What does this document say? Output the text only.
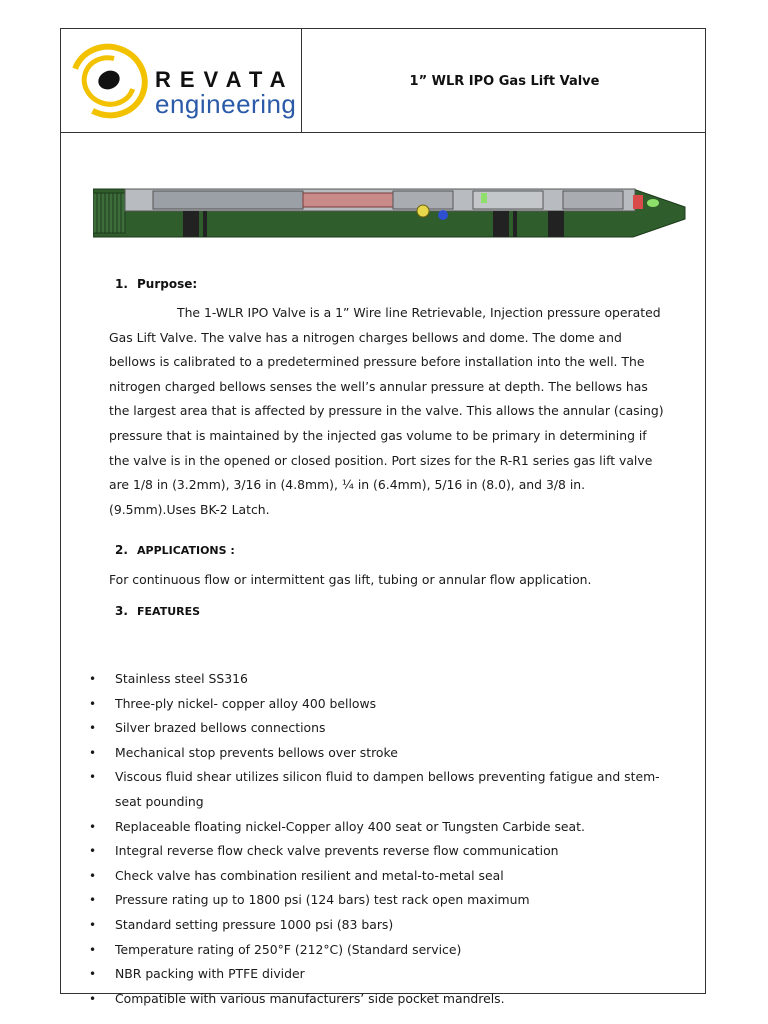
REVATA
engineering
1” WLR IPO Gas Lift Valve
1. Purpose:
The 1-WLR IPO Valve is a 1” Wire line Retrievable, Injection pressure operated Gas Lift Valve. The valve has a nitrogen charges bellows and dome. The dome and bellows is calibrated to a predetermined pressure before installation into the well. The nitrogen charged bellows senses the well’s annular pressure at depth. The bellows has the largest area that is affected by pressure in the valve. This allows the annular (casing) pressure that is maintained by the injected gas volume to be primary in determining if the valve is in the opened or closed position. Port sizes for the R-R1 series gas lift valve are 1/8 in (3.2mm), 3/16 in (4.8mm), ¼ in (6.4mm), 5/16 in (8.0), and 3/8 in. (9.5mm).Uses BK-2 Latch.
2. APPLICATIONS :
For continuous flow or intermittent gas lift, tubing or annular flow application.
3. FEATURES
• Stainless steel SS316
• Three-ply nickel- copper alloy 400 bellows
• Silver brazed bellows connections
• Mechanical stop prevents bellows over stroke
• Viscous fluid shear utilizes silicon fluid to dampen bellows preventing fatigue and stem-seat pounding
• Replaceable floating nickel-Copper alloy 400 seat or Tungsten Carbide seat.
• Integral reverse flow check valve prevents reverse flow communication
• Check valve has combination resilient and metal-to-metal seal
• Pressure rating up to 1800 psi (124 bars) test rack open maximum
• Standard setting pressure 1000 psi (83 bars)
• Temperature rating of 250°F (212°C) (Standard service)
• NBR packing with PTFE divider
• Compatible with various manufacturers’ side pocket mandrels.
